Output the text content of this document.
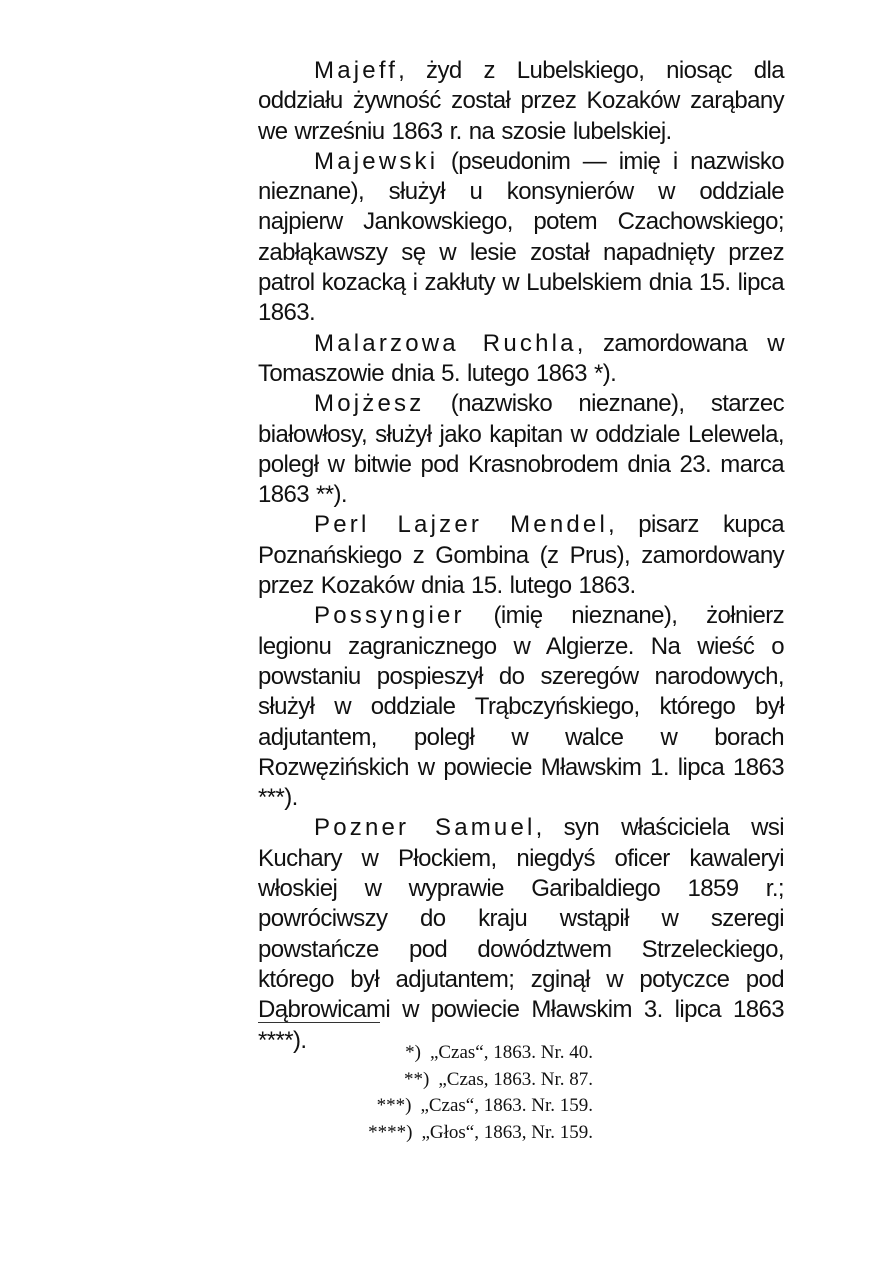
Majeff, żyd z Lubelskiego, niosąc dla oddziału żywność został przez Kozaków zarąbany we wrześniu 1863 r. na szosie lubelskiej.

Majewski (pseudonim — imię i nazwisko nieznane), służył u konsynierów w oddziale najpierw Jankowskiego, potem Czachowskiego; zabłąkawszy sę w lesie został napadnięty przez patrol kozacką i zakłuty w Lubelskiem dnia 15. lipca 1863.

Malarzowa Ruchla, zamordowana w Tomaszowie dnia 5. lutego 1863 *).

Mojżesz (nazwisko nieznane), starzec białowłosy, służył jako kapitan w oddziale Lelewela, poległ w bitwie pod Krasnobrodem dnia 23. marca 1863 **).

Perl Lajzer Mendel, pisarz kupca Poznańskiego z Gombina (z Prus), zamordowany przez Kozaków dnia 15. lutego 1863.

Possyngier (imię nieznane), żołnierz legionu zagranicznego w Algierze. Na wieść o powstaniu pospieszył do szeregów narodowych, służył w oddziale Trąbczyńskiego, którego był adjutantem, poległ w walce w borach Rozwęzińskich w powiecie Mławskim 1. lipca 1863 ***).

Pozner Samuel, syn właściciela wsi Kuchary w Płockiem, niegdyś oficer kawaleryi włoskiej w wyprawie Garibaldiego 1859 r.; powróciwszy do kraju wstąpił w szeregi powstańcze pod dowództwem Strzeleckiego, którego był adjutantem; zginął w potyczce pod Dąbrowicami w powiecie Mławskim 3. lipca 1863 ****).	*) „Czas“, 1863. Nr. 40.
**) „Czas, 1863. Nr. 87.
***) „Czas“, 1863. Nr. 159.
****) „Głos“, 1863, Nr. 159.
